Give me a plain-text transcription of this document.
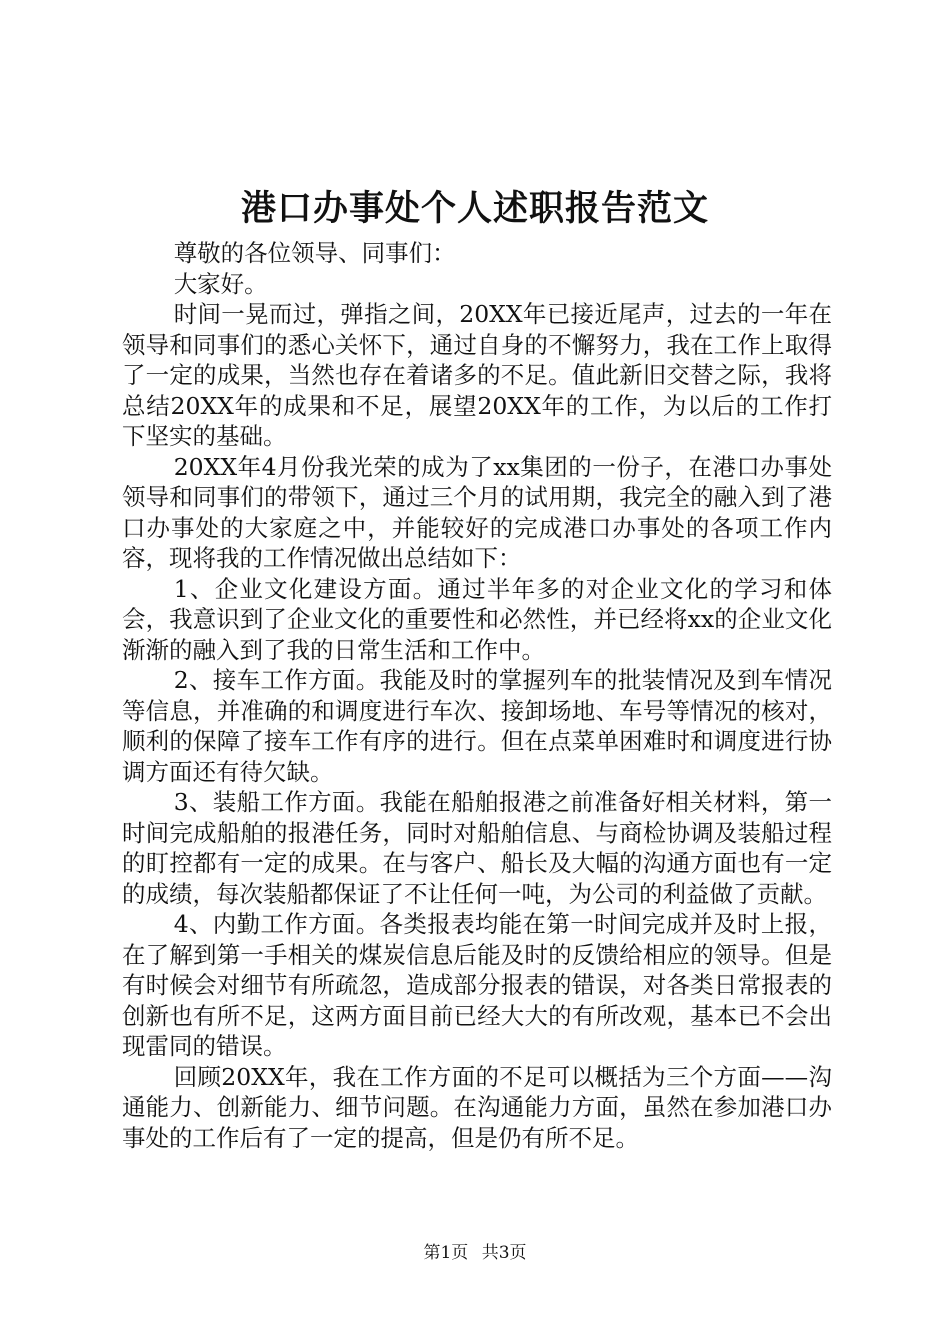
港口办事处个人述职报告范文

尊敬的各位领导、同事们：

大家好。

时间一晃而过，弹指之间，20XX年已接近尾声，过去的一年在领导和同事们的悉心关怀下，通过自身的不懈努力，我在工作上取得了一定的成果，当然也存在着诸多的不足。值此新旧交替之际，我将总结20XX年的成果和不足，展望20XX年的工作，为以后的工作打下坚实的基础。

20XX年4月份我光荣的成为了xx集团的一份子，在港口办事处领导和同事们的带领下，通过三个月的试用期，我完全的融入到了港口办事处的大家庭之中，并能较好的完成港口办事处的各项工作内容，现将我的工作情况做出总结如下：

1、企业文化建设方面。通过半年多的对企业文化的学习和体会，我意识到了企业文化的重要性和必然性，并已经将xx的企业文化渐渐的融入到了我的日常生活和工作中。

2、接车工作方面。我能及时的掌握列车的批装情况及到车情况等信息，并准确的和调度进行车次、接卸场地、车号等情况的核对，顺利的保障了接车工作有序的进行。但在点菜单困难时和调度进行协调方面还有待欠缺。

3、装船工作方面。我能在船舶报港之前准备好相关材料，第一时间完成船舶的报港任务，同时对船舶信息、与商检协调及装船过程的盯控都有一定的成果。在与客户、船长及大幅的沟通方面也有一定的成绩，每次装船都保证了不让任何一吨，为公司的利益做了贡献。

4、内勤工作方面。各类报表均能在第一时间完成并及时上报，在了解到第一手相关的煤炭信息后能及时的反馈给相应的领导。但是有时候会对细节有所疏忽，造成部分报表的错误，对各类日常报表的创新也有所不足，这两方面目前已经大大的有所改观，基本已不会出现雷同的错误。

回顾20XX年，我在工作方面的不足可以概括为三个方面——沟通能力、创新能力、细节问题。在沟通能力方面，虽然在参加港口办事处的工作后有了一定的提高，但是仍有所不足。

第1页 共3页
